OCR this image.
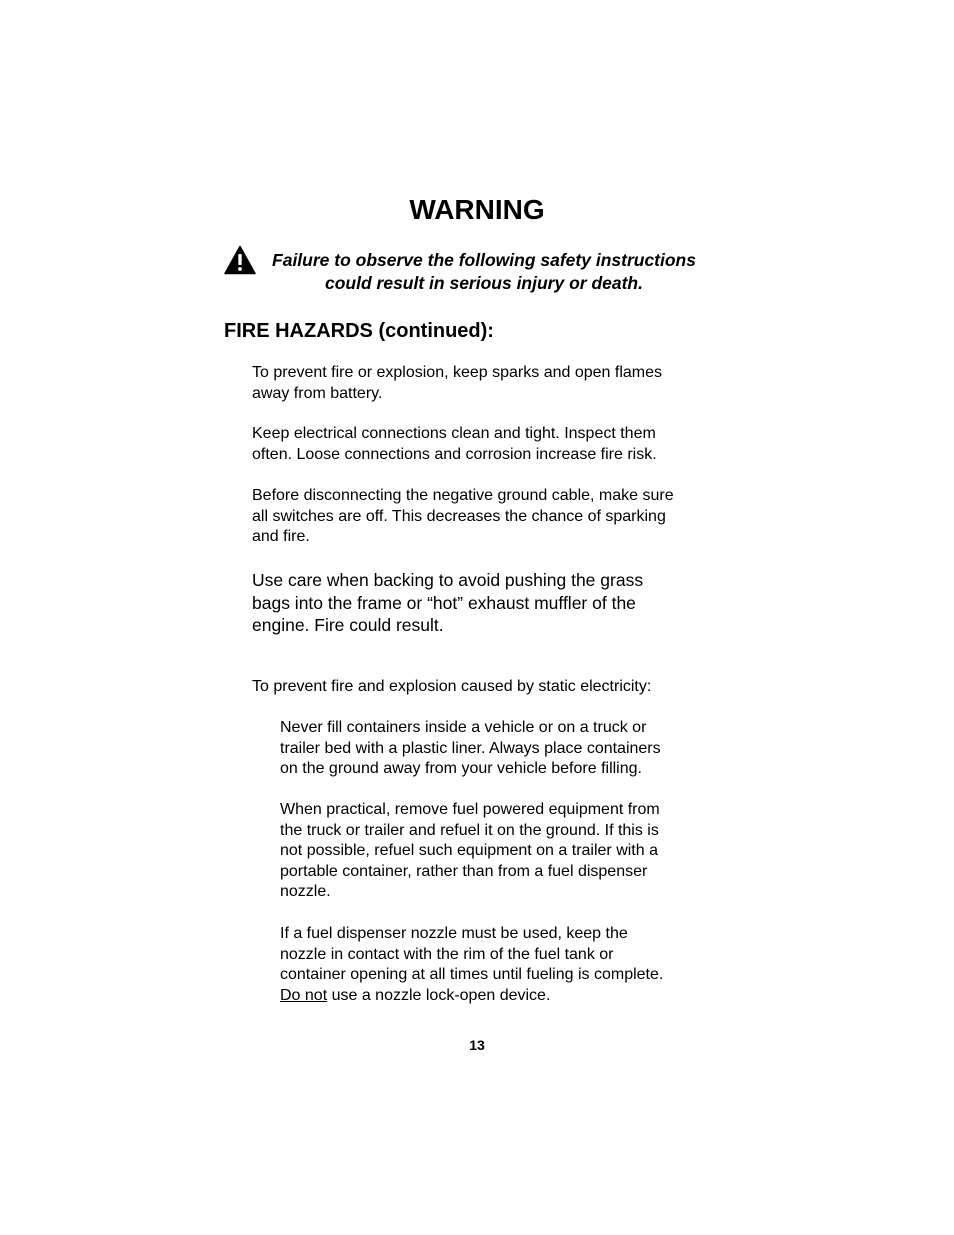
WARNING
Failure to observe the following safety instructions
could result in serious injury or death.
FIRE HAZARDS (continued):
To prevent fire or explosion, keep sparks and open flames
away from battery.
Keep electrical connections clean and tight. Inspect them
often. Loose connections and corrosion increase fire risk.
Before disconnecting the negative ground cable, make sure
all switches are off. This decreases the chance of sparking
and fire.
Use care when backing to avoid pushing the grass
bags into the frame or “hot” exhaust muffler of the
engine. Fire could result.
To prevent fire and explosion caused by static electricity:
Never fill containers inside a vehicle or on a truck or
trailer bed with a plastic liner. Always place containers
on the ground away from your vehicle before filling.
When practical, remove fuel powered equipment from
the truck or trailer and refuel it on the ground. If this is
not possible, refuel such equipment on a trailer with a
portable container, rather than from a fuel dispenser
nozzle.
If a fuel dispenser nozzle must be used, keep the
nozzle in contact with the rim of the fuel tank or
container opening at all times until fueling is complete.
Do not use a nozzle lock-open device.
13
